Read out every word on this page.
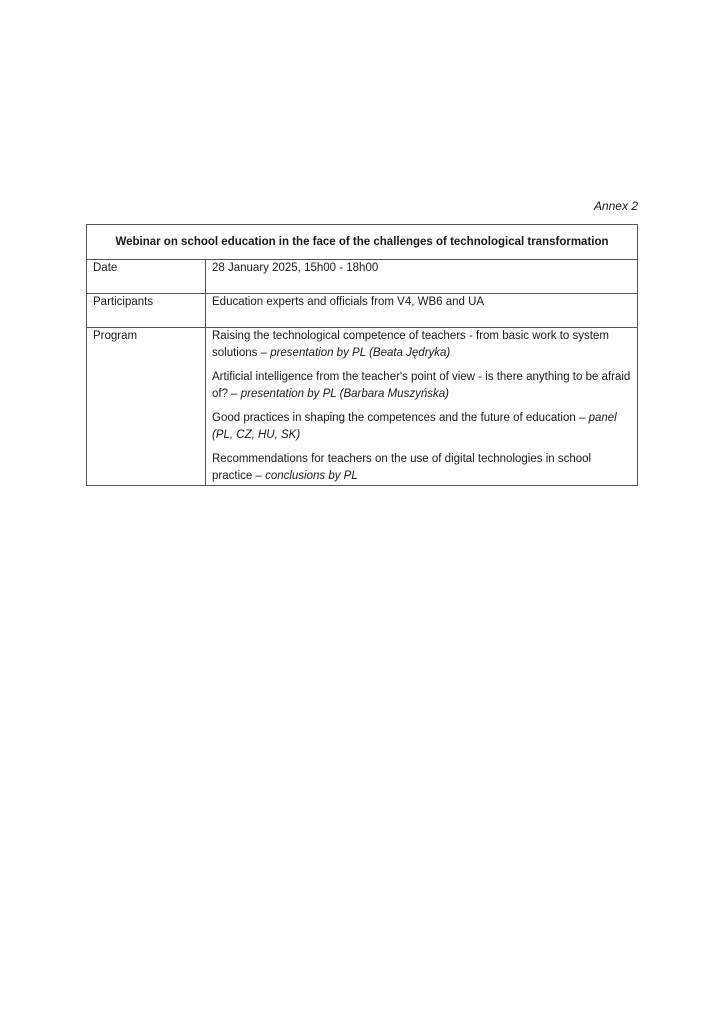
Annex 2
Webinar on school education in the face of the challenges of technological transformation	
Date	28 January 2025, 15h00 - 18h00
Participants	Education experts and officials from V4, WB6 and UA
Program	Raising the technological competence of teachers - from basic work to system solutions – presentation by PL (Beata Jędryka)

Artificial intelligence from the teacher's point of view - is there anything to be afraid of? – presentation by PL (Barbara Muszyńska)

Good practices in shaping the competences and the future of education – panel (PL, CZ, HU, SK)

Recommendations for teachers on the use of digital technologies in school practice – conclusions by PL
